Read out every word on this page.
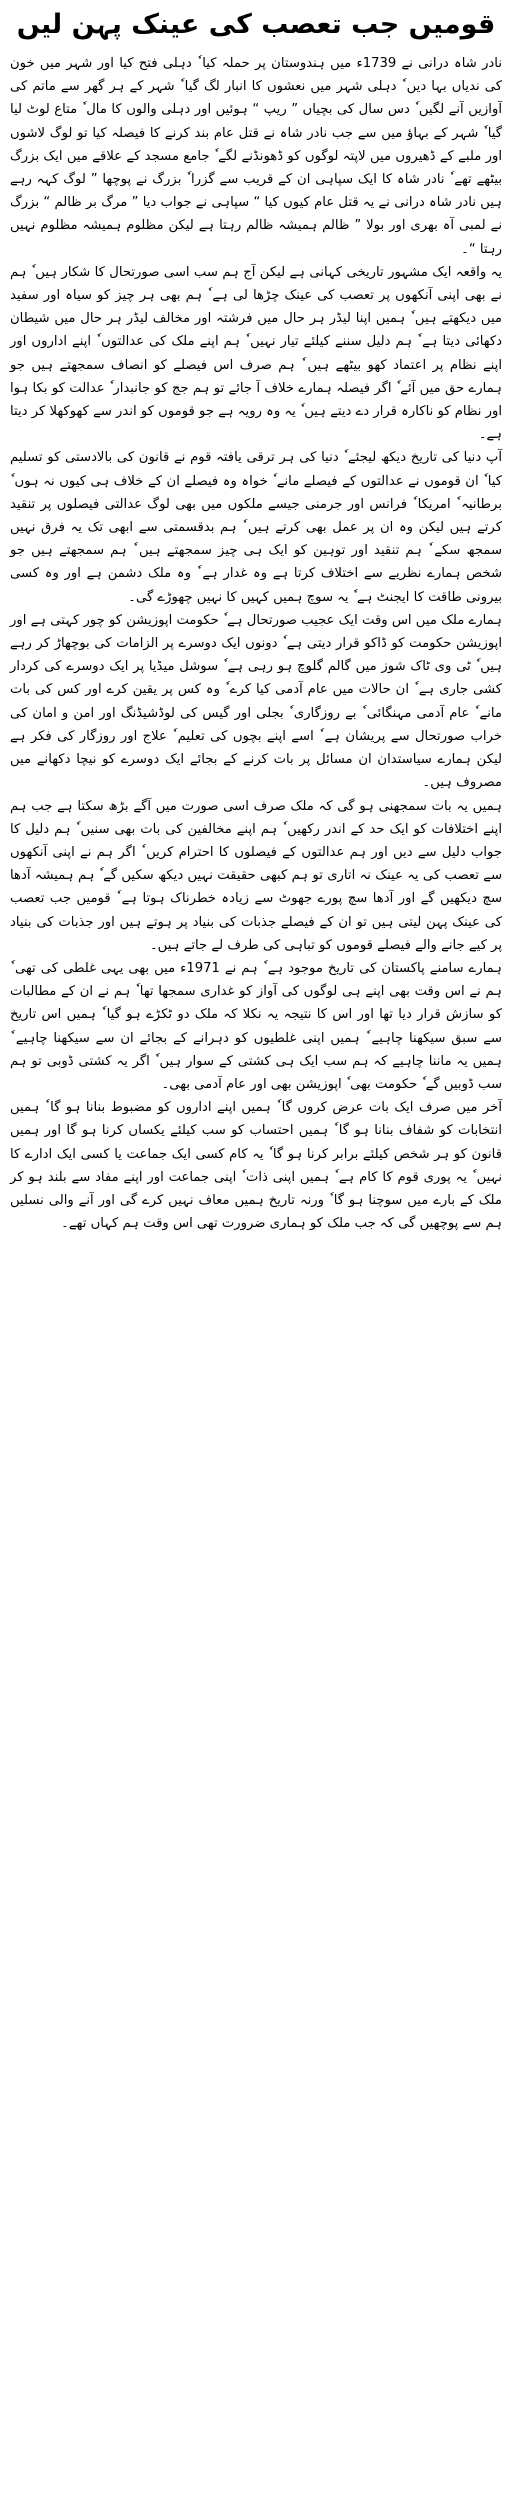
قومیں جب تعصب کی عینک پہن لیں

نادر شاہ درانی نے 1739ء میں ہندوستان پر حملہ کیا ٗ دہلی فتح کیا اور شہر میں خون کی ندیاں بہا دیں ٗ دہلی شہر میں نعشوں کا انبار لگ گیا ٗ شہر کے ہر گھر سے ماتم کی آوازیں آنے لگیں ٗ دس سال کی بچیاں ” ریپ “ ہوئیں اور دہلی والوں کا مال ٗ متاع لوٹ لیا گیا ٗ شہر کے بہاؤ میں سے جب نادر شاہ نے قتل عام بند کرنے کا فیصلہ کیا تو لوگ لاشوں اور ملبے کے ڈھیروں میں لاپتہ لوگوں کو ڈھونڈنے لگے ٗ جامع مسجد کے علاقے میں ایک بزرگ بیٹھے تھے ٗ نادر شاہ کا ایک سپاہی ان کے قریب سے گزرا ٗ بزرگ نے پوچھا ” لوگ کہہ رہے ہیں نادر شاہ درانی نے یہ قتل عام کیوں کیا “ سپاہی نے جواب دیا ” مرگ بر ظالم “ بزرگ نے لمبی آہ بھری اور بولا ” ظالم ہمیشہ ظالم رہتا ہے لیکن مظلوم ہمیشہ مظلوم نہیں رہتا “۔

یہ واقعہ ایک مشہور تاریخی کہانی ہے لیکن آج ہم سب اسی صورتحال کا شکار ہیں ٗ ہم نے بھی اپنی آنکھوں پر تعصب کی عینک چڑھا لی ہے ٗ ہم بھی ہر چیز کو سیاہ اور سفید میں دیکھتے ہیں ٗ ہمیں اپنا لیڈر ہر حال میں فرشتہ اور مخالف لیڈر ہر حال میں شیطان دکھائی دیتا ہے ٗ ہم دلیل سننے کیلئے تیار نہیں ٗ ہم اپنے ملک کی عدالتوں ٗ اپنے اداروں اور اپنے نظام پر اعتماد کھو بیٹھے ہیں ٗ ہم صرف اس فیصلے کو انصاف سمجھتے ہیں جو ہمارے حق میں آئے ٗ اگر فیصلہ ہمارے خلاف آ جائے تو ہم جج کو جانبدار ٗ عدالت کو بکا ہوا اور نظام کو ناکارہ قرار دے دیتے ہیں ٗ یہ وہ رویہ ہے جو قوموں کو اندر سے کھوکھلا کر دیتا ہے۔

آپ دنیا کی تاریخ دیکھ لیجئے ٗ دنیا کی ہر ترقی یافتہ قوم نے قانون کی بالادستی کو تسلیم کیا ٗ ان قوموں نے عدالتوں کے فیصلے مانے ٗ خواہ وہ فیصلے ان کے خلاف ہی کیوں نہ ہوں ٗ برطانیہ ٗ امریکا ٗ فرانس اور جرمنی جیسے ملکوں میں بھی لوگ عدالتی فیصلوں پر تنقید کرتے ہیں لیکن وہ ان پر عمل بھی کرتے ہیں ٗ ہم بدقسمتی سے ابھی تک یہ فرق نہیں سمجھ سکے ٗ ہم تنقید اور توہین کو ایک ہی چیز سمجھتے ہیں ٗ ہم سمجھتے ہیں جو شخص ہمارے نظریے سے اختلاف کرتا ہے وہ غدار ہے ٗ وہ ملک دشمن ہے اور وہ کسی بیرونی طاقت کا ایجنٹ ہے ٗ یہ سوچ ہمیں کہیں کا نہیں چھوڑے گی۔

ہمارے ملک میں اس وقت ایک عجیب صورتحال ہے ٗ حکومت اپوزیشن کو چور کہتی ہے اور اپوزیشن حکومت کو ڈاکو قرار دیتی ہے ٗ دونوں ایک دوسرے پر الزامات کی بوچھاڑ کر رہے ہیں ٗ ٹی وی ٹاک شوز میں گالم گلوچ ہو رہی ہے ٗ سوشل میڈیا پر ایک دوسرے کی کردار کشی جاری ہے ٗ ان حالات میں عام آدمی کیا کرے ٗ وہ کس پر یقین کرے اور کس کی بات مانے ٗ عام آدمی مہنگائی ٗ بے روزگاری ٗ بجلی اور گیس کی لوڈشیڈنگ اور امن و امان کی خراب صورتحال سے پریشان ہے ٗ اسے اپنے بچوں کی تعلیم ٗ علاج اور روزگار کی فکر ہے لیکن ہمارے سیاستدان ان مسائل پر بات کرنے کے بجائے ایک دوسرے کو نیچا دکھانے میں مصروف ہیں۔

ہمیں یہ بات سمجھنی ہو گی کہ ملک صرف اسی صورت میں آگے بڑھ سکتا ہے جب ہم اپنے اختلافات کو ایک حد کے اندر رکھیں ٗ ہم اپنے مخالفین کی بات بھی سنیں ٗ ہم دلیل کا جواب دلیل سے دیں اور ہم عدالتوں کے فیصلوں کا احترام کریں ٗ اگر ہم نے اپنی آنکھوں سے تعصب کی یہ عینک نہ اتاری تو ہم کبھی حقیقت نہیں دیکھ سکیں گے ٗ ہم ہمیشہ آدھا سچ دیکھیں گے اور آدھا سچ پورے جھوٹ سے زیادہ خطرناک ہوتا ہے ٗ قومیں جب تعصب کی عینک پہن لیتی ہیں تو ان کے فیصلے جذبات کی بنیاد پر ہوتے ہیں اور جذبات کی بنیاد پر کیے جانے والے فیصلے قوموں کو تباہی کی طرف لے جاتے ہیں۔

ہمارے سامنے پاکستان کی تاریخ موجود ہے ٗ ہم نے 1971ء میں بھی یہی غلطی کی تھی ٗ ہم نے اس وقت بھی اپنے ہی لوگوں کی آواز کو غداری سمجھا تھا ٗ ہم نے ان کے مطالبات کو سازش قرار دیا تھا اور اس کا نتیجہ یہ نکلا کہ ملک دو ٹکڑے ہو گیا ٗ ہمیں اس تاریخ سے سبق سیکھنا چاہیے ٗ ہمیں اپنی غلطیوں کو دہرانے کے بجائے ان سے سیکھنا چاہیے ٗ ہمیں یہ ماننا چاہیے کہ ہم سب ایک ہی کشتی کے سوار ہیں ٗ اگر یہ کشتی ڈوبی تو ہم سب ڈوبیں گے ٗ حکومت بھی ٗ اپوزیشن بھی اور عام آدمی بھی۔

آخر میں صرف ایک بات عرض کروں گا ٗ ہمیں اپنے اداروں کو مضبوط بنانا ہو گا ٗ ہمیں انتخابات کو شفاف بنانا ہو گا ٗ ہمیں احتساب کو سب کیلئے یکساں کرنا ہو گا اور ہمیں قانون کو ہر شخص کیلئے برابر کرنا ہو گا ٗ یہ کام کسی ایک جماعت یا کسی ایک ادارے کا نہیں ٗ یہ پوری قوم کا کام ہے ٗ ہمیں اپنی ذات ٗ اپنی جماعت اور اپنے مفاد سے بلند ہو کر ملک کے بارے میں سوچنا ہو گا ٗ ورنہ تاریخ ہمیں معاف نہیں کرے گی اور آنے والی نسلیں ہم سے پوچھیں گی کہ جب ملک کو ہماری ضرورت تھی اس وقت ہم کہاں تھے۔
